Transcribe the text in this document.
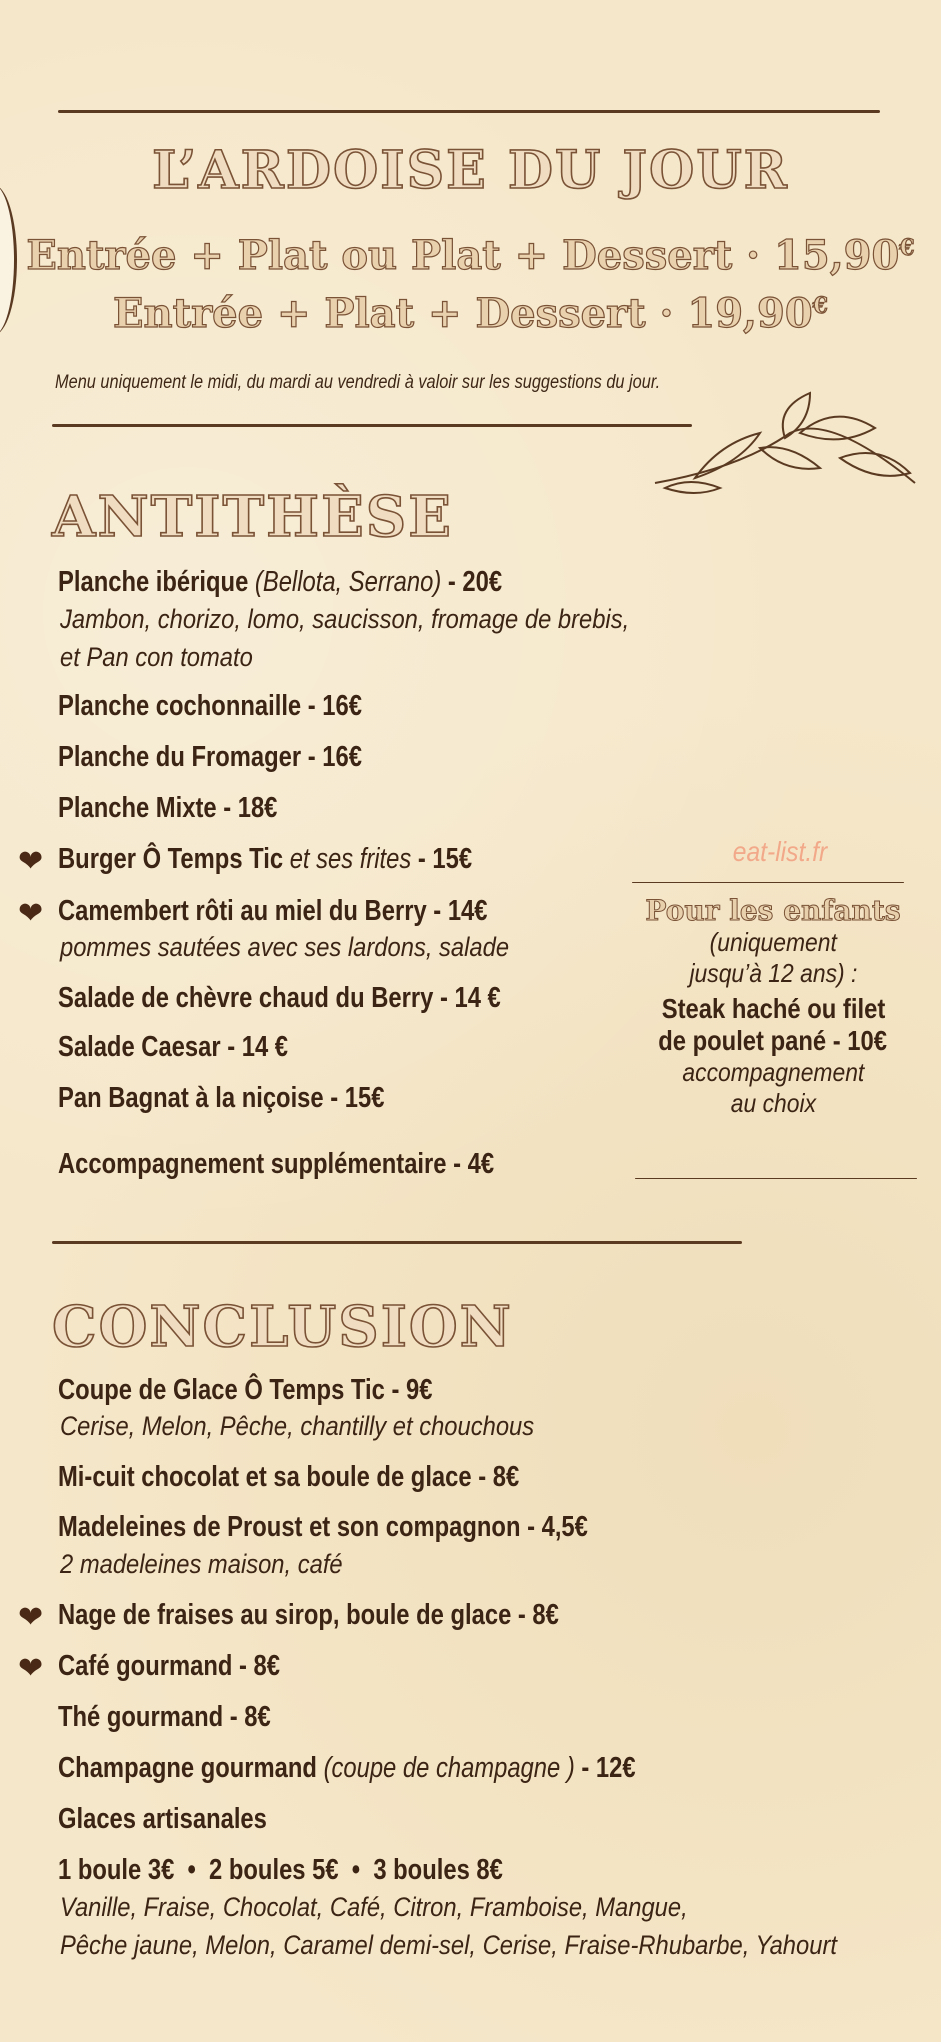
L’ARDOISE DU JOUR
Entrée + Plat ou Plat + Dessert · 15,90€
Entrée + Plat + Dessert · 19,90€
Menu uniquement le midi, du mardi au vendredi à valoir sur les suggestions du jour.
ANTITHÈSE
Planche ibérique (Bellota, Serrano) - 20€
Jambon, chorizo, lomo, saucisson, fromage de brebis,
et Pan con tomato
Planche cochonnaille - 16€
Planche du Fromager - 16€
Planche Mixte - 18€
❤ Burger Ô Temps Tic et ses frites - 15€
❤ Camembert rôti au miel du Berry - 14€
pommes sautées avec ses lardons, salade
Salade de chèvre chaud du Berry - 14 €
Salade Caesar - 14 €
Pan Bagnat à la niçoise - 15€
Accompagnement supplémentaire - 4€
eat-list.fr
Pour les enfants
(uniquement
jusqu’à 12 ans) :
Steak haché ou filet
de poulet pané - 10€
accompagnement
au choix
CONCLUSION
Coupe de Glace Ô Temps Tic - 9€
Cerise, Melon, Pêche, chantilly et chouchous
Mi-cuit chocolat et sa boule de glace - 8€
Madeleines de Proust et son compagnon - 4,5€
2 madeleines maison, café
❤ Nage de fraises au sirop, boule de glace - 8€
❤ Café gourmand - 8€
Thé gourmand - 8€
Champagne gourmand (coupe de champagne ) - 12€
Glaces artisanales
1 boule 3€  •  2 boules 5€  •  3 boules 8€
Vanille, Fraise, Chocolat, Café, Citron, Framboise, Mangue,
Pêche jaune, Melon, Caramel demi-sel, Cerise, Fraise-Rhubarbe, Yahourt
